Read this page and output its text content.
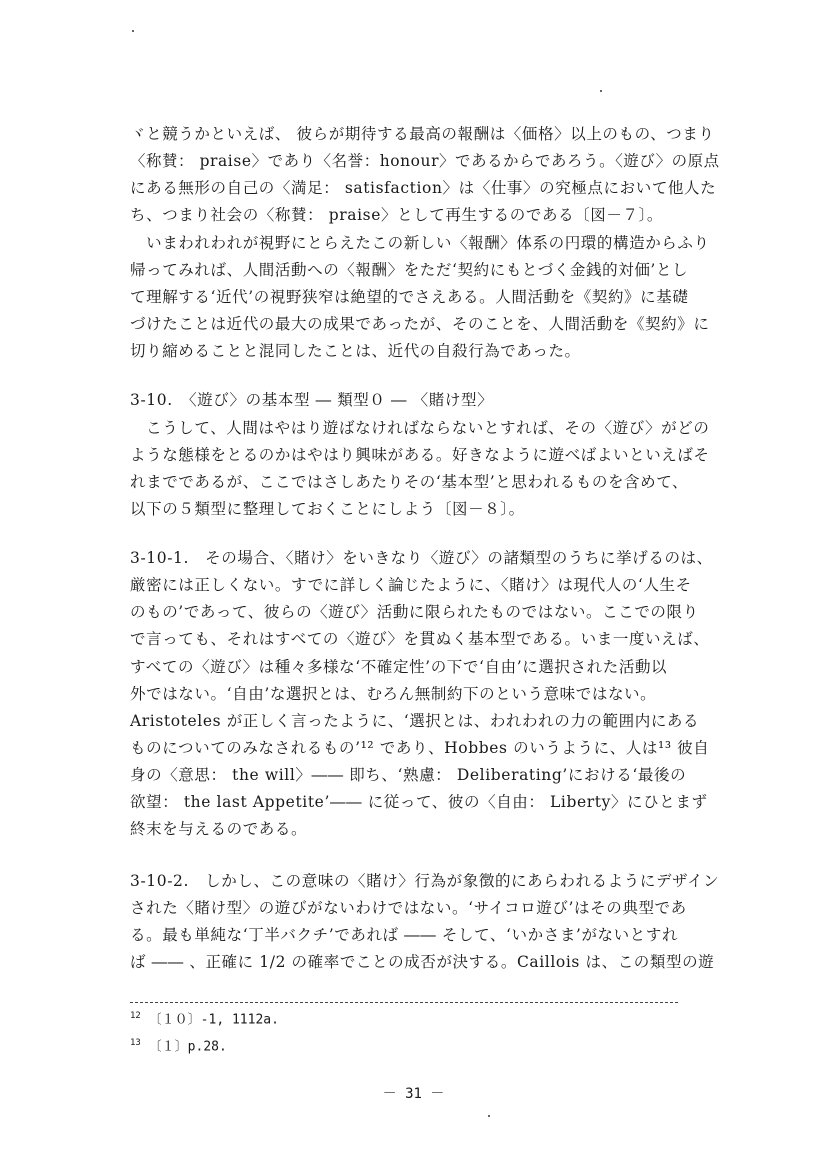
ヾと競うかといえば、 彼らが期待する最高の報酬は〈価格〉以上のもの、つまり
〈称賛： praise〉であり〈名誉：honour〉であるからであろう。〈遊び〉の原点
にある無形の自己の〈満足： satisfaction〉は〈仕事〉の究極点において他人た
ち、つまり社会の〈称賛： praise〉として再生するのである〔図－７〕。
　いまわれわれが視野にとらえたこの新しい〈報酬〉体系の円環的構造からふり
帰ってみれば、人間活動への〈報酬〉をただ‘契約にもとづく金銭的対価’とし
て理解する‘近代’の視野狭窄は絶望的でさえある。人間活動を《契約》に基礎
づけたことは近代の最大の成果であったが、そのことを、人間活動を《契約》に
切り縮めることと混同したことは、近代の自殺行為であった。
3-10.　〈遊び〉の基本型 ― 類型０ ― 〈賭け型〉
　こうして、人間はやはり遊ばなければならないとすれば、その〈遊び〉がどの
ような態様をとるのかはやはり興味がある。好きなように遊べばよいといえばそ
れまでであるが、ここではさしあたりその‘基本型’と思われるものを含めて、
以下の５類型に整理しておくことにしよう〔図－８〕。
3-10-1.　その場合、〈賭け〉をいきなり〈遊び〉の諸類型のうちに挙げるのは、
厳密には正しくない。すでに詳しく論じたように、〈賭け〉は現代人の‘人生そ
のもの’であって、彼らの〈遊び〉活動に限られたものではない。ここでの限り
で言っても、それはすべての〈遊び〉を貫ぬく基本型である。いま一度いえば、
すべての〈遊び〉は種々多様な‘不確定性’の下で‘自由’に選択された活動以
外ではない。‘自由’な選択とは、むろん無制約下のという意味ではない。
Aristoteles が正しく言ったように、‘選択とは、われわれの力の範囲内にある
ものについてのみなされるもの’¹² であり、Hobbes のいうように、人は¹³ 彼自
身の〈意思： the will〉―― 即ち、‘熟慮： Deliberating’における‘最後の
欲望： the last Appetite’―― に従って、彼の〈自由： Liberty〉にひとまず
終末を与えるのである。
3-10-2.　しかし、この意味の〈賭け〉行為が象徴的にあらわれるようにデザイン
された〈賭け型〉の遊びがないわけではない。‘サイコロ遊び’はその典型であ
る。最も単純な‘丁半バクチ’であれば ―― そして、‘いかさま’がないとすれ
ば ―― 、正確に 1/2 の確率でことの成否が決する。Caillois は、この類型の遊
$^{12}$ 〔１０〕-1, 1112a.
$^{13}$ 〔１〕p.28.
－ 31 －
